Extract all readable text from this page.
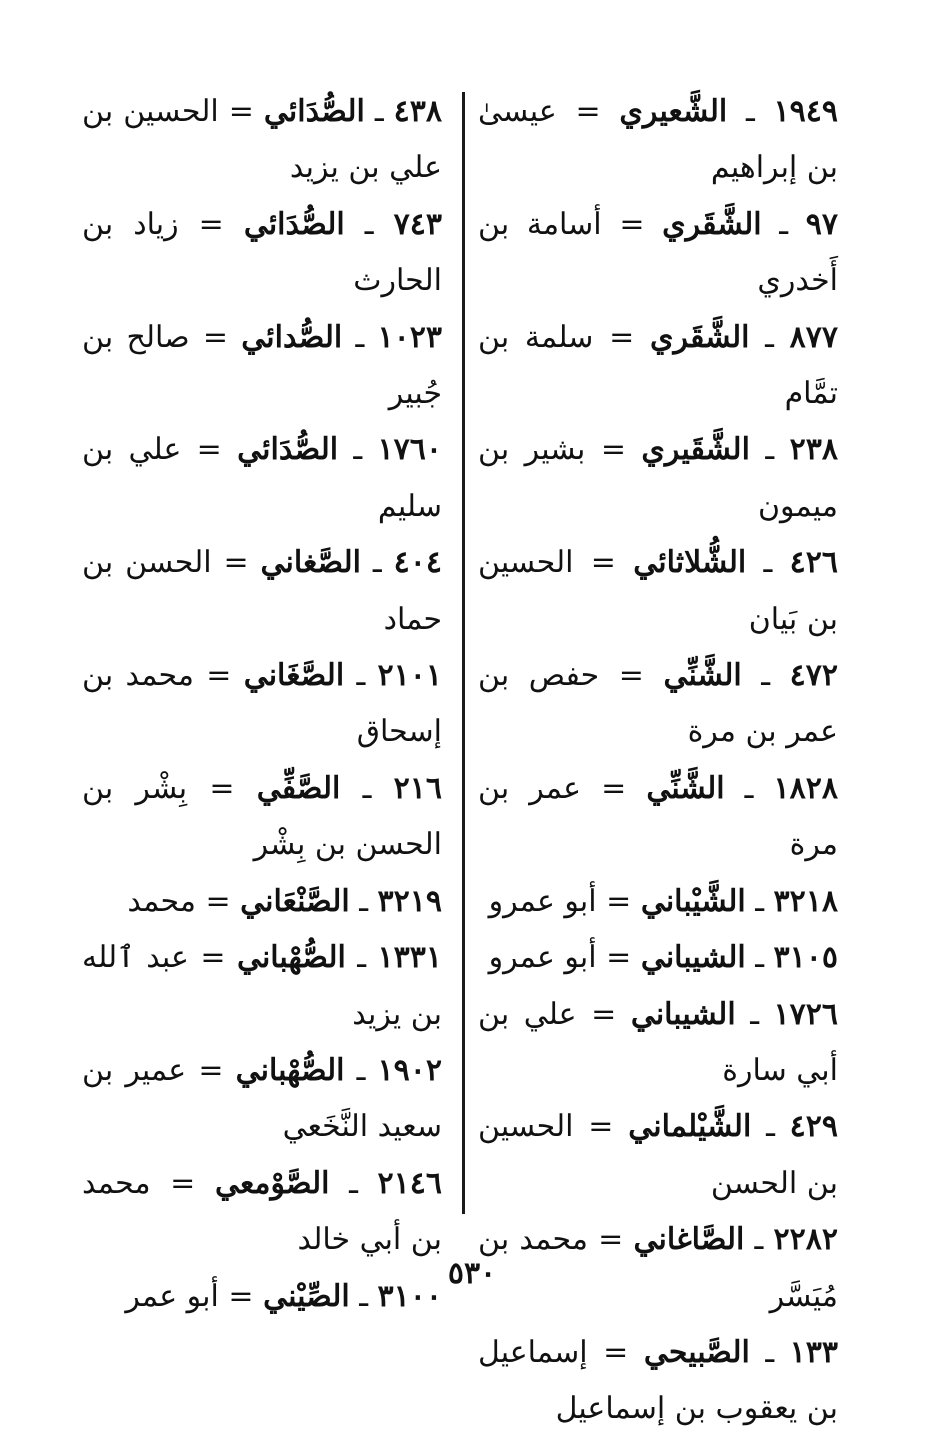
١٩٤٩ ـ الشَّعيري = عيسىٰ بن إبراهيم

٩٧ ـ الشَّقَري = أسامة بن أَخدري

٨٧٧ ـ الشَّقَري = سلمة بن تمَّام

٢٣٨ ـ الشَّقَيري = بشير بن ميمون

٤٢٦ ـ الشُّلاثائي = الحسين بن بَيان

٤٧٢ ـ الشَّنِّي = حفص بن عمر بن مرة

١٨٢٨ ـ الشَّنِّي = عمر بن مرة

٣٢١٨ ـ الشَّيْباني = أبو عمرو

٣١٠٥ ـ الشيباني = أبو عمرو

١٧٢٦ ـ الشيباني = علي بن أبي سارة

٤٢٩ ـ الشَّيْلماني = الحسين بن الحسن

٢٢٨٢ ـ الصَّاغاني = محمد بن مُيَسَّر

١٣٣ ـ الصَّبيحي = إسماعيل بن يعقوب بن إسماعيل

٤٣٨ ـ الصُّدَائي = الحسين بن علي بن يزيد

٧٤٣ ـ الصُّدَائي = زياد بن الحارث

١٠٢٣ ـ الصُّدائي = صالح بن جُبير

١٧٦٠ ـ الصُّدَائي = علي بن سليم

٤٠٤ ـ الصَّغاني = الحسن بن حماد

٢١٠١ ـ الصَّغَاني = محمد بن إسحاق

٢١٦ ـ الصَّفِّي = بِشْر بن الحسن بن بِشْر

٣٢١٩ ـ الصَّنْعَاني = محمد

١٣٣١ ـ الصُّهْباني = عبد ٱلله بن يزيد

١٩٠٢ ـ الصُّهْباني = عمير بن سعيد النَّخَعي

٢١٤٦ ـ الصَّوْمعي = محمد بن أبي خالد

٣١٠٠ ـ الصِّيْني = أبو عمر

٥٣٠
